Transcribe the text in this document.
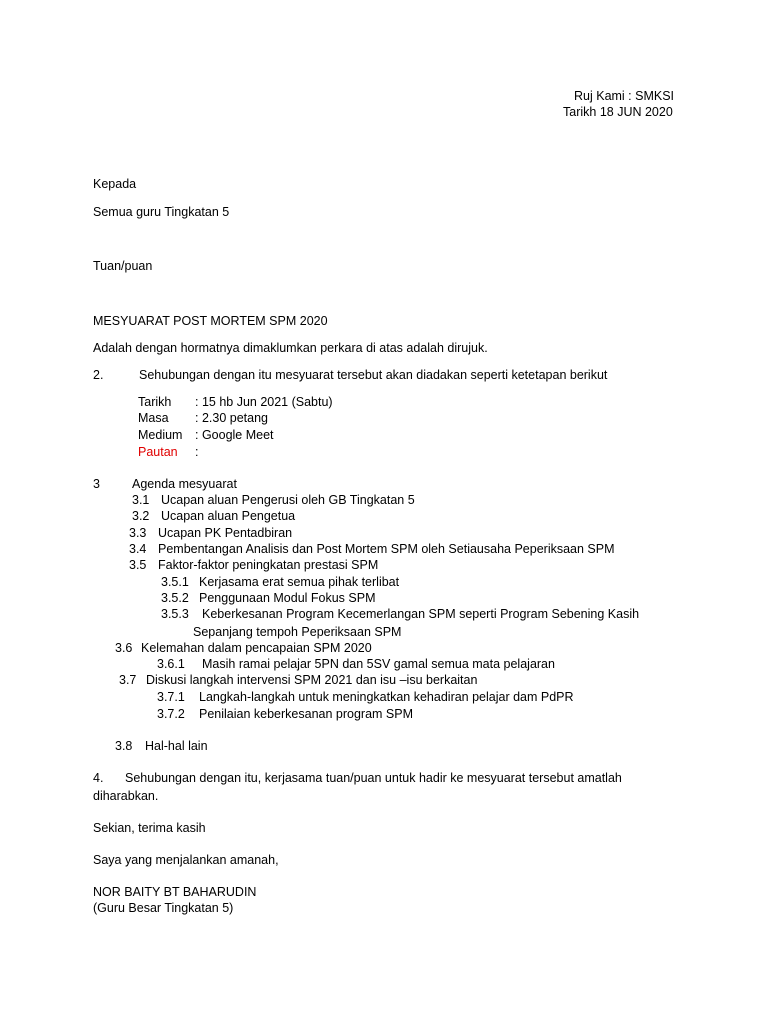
Ruj Kami : SMKSI
Tarikh 18 JUN 2020
Kepada
Semua guru Tingkatan 5
Tuan/puan
MESYUARAT POST MORTEM SPM 2020
Adalah dengan hormatnya dimaklumkan perkara di atas adalah dirujuk.
2.	Sehubungan dengan itu mesyuarat tersebut akan diadakan seperti ketetapan berikut
Tarikh : 15 hb Jun 2021 (Sabtu)
Masa : 2.30 petang
Medium : Google Meet
Pautan :
3	Agenda mesyuarat
3.1 Ucapan aluan Pengerusi oleh GB Tingkatan 5
3.2 Ucapan aluan Pengetua
3.3 Ucapan PK Pentadbiran
3.4 Pembentangan Analisis dan Post Mortem SPM oleh Setiausaha Peperiksaan SPM
3.5 Faktor-faktor peningkatan prestasi SPM
3.5.1 Kerjasama erat semua pihak terlibat
3.5.2 Penggunaan Modul Fokus SPM
3.5.3 Keberkesanan Program Kecemerlangan SPM seperti Program Sebening Kasih
Sepanjang tempoh Peperiksaan SPM
3.6 Kelemahan dalam pencapaian SPM 2020
3.6.1 Masih ramai pelajar 5PN dan 5SV gamal semua mata pelajaran
3.7 Diskusi langkah intervensi SPM 2021 dan isu –isu berkaitan
3.7.1 Langkah-langkah untuk meningkatkan kehadiran pelajar dam PdPR
3.7.2 Penilaian keberkesanan program SPM
3.8 Hal-hal lain
4. Sehubungan dengan itu, kerjasama tuan/puan untuk hadir ke mesyuarat tersebut amatlah
diharabkan.
Sekian, terima kasih
Saya yang menjalankan amanah,
NOR BAITY BT BAHARUDIN
(Guru Besar Tingkatan 5)
